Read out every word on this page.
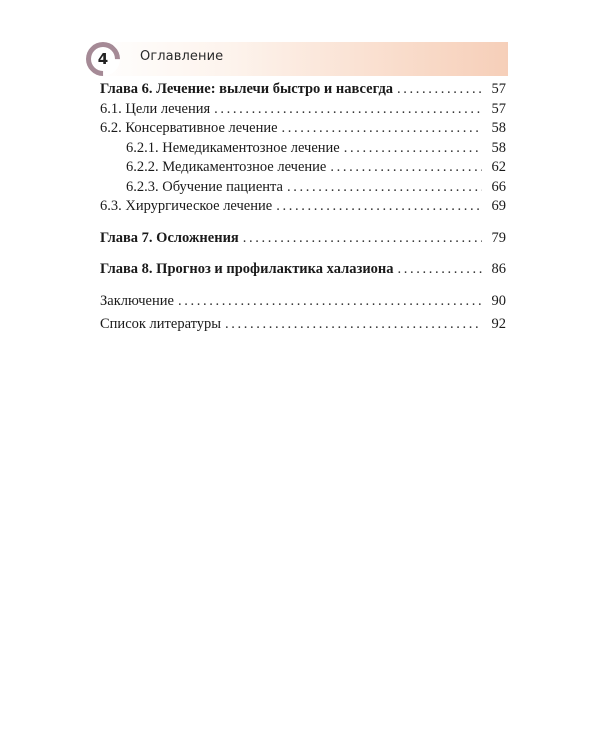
4	Оглавление
Глава 6. Лечение: вылечи быстро и навсегда . . .	57
6.1. Цели лечения . . .	57
6.2. Консервативное лечение . . .	58
6.2.1. Немедикаментозное лечение . . .	58
6.2.2. Медикаментозное лечение . . .	62
6.2.3. Обучение пациента . . .	66
6.3. Хирургическое лечение . . .	69
Глава 7. Осложнения . . .	79
Глава 8. Прогноз и профилактика халазиона . . .	86
Заключение . . .	90
Список литературы . . .	92
